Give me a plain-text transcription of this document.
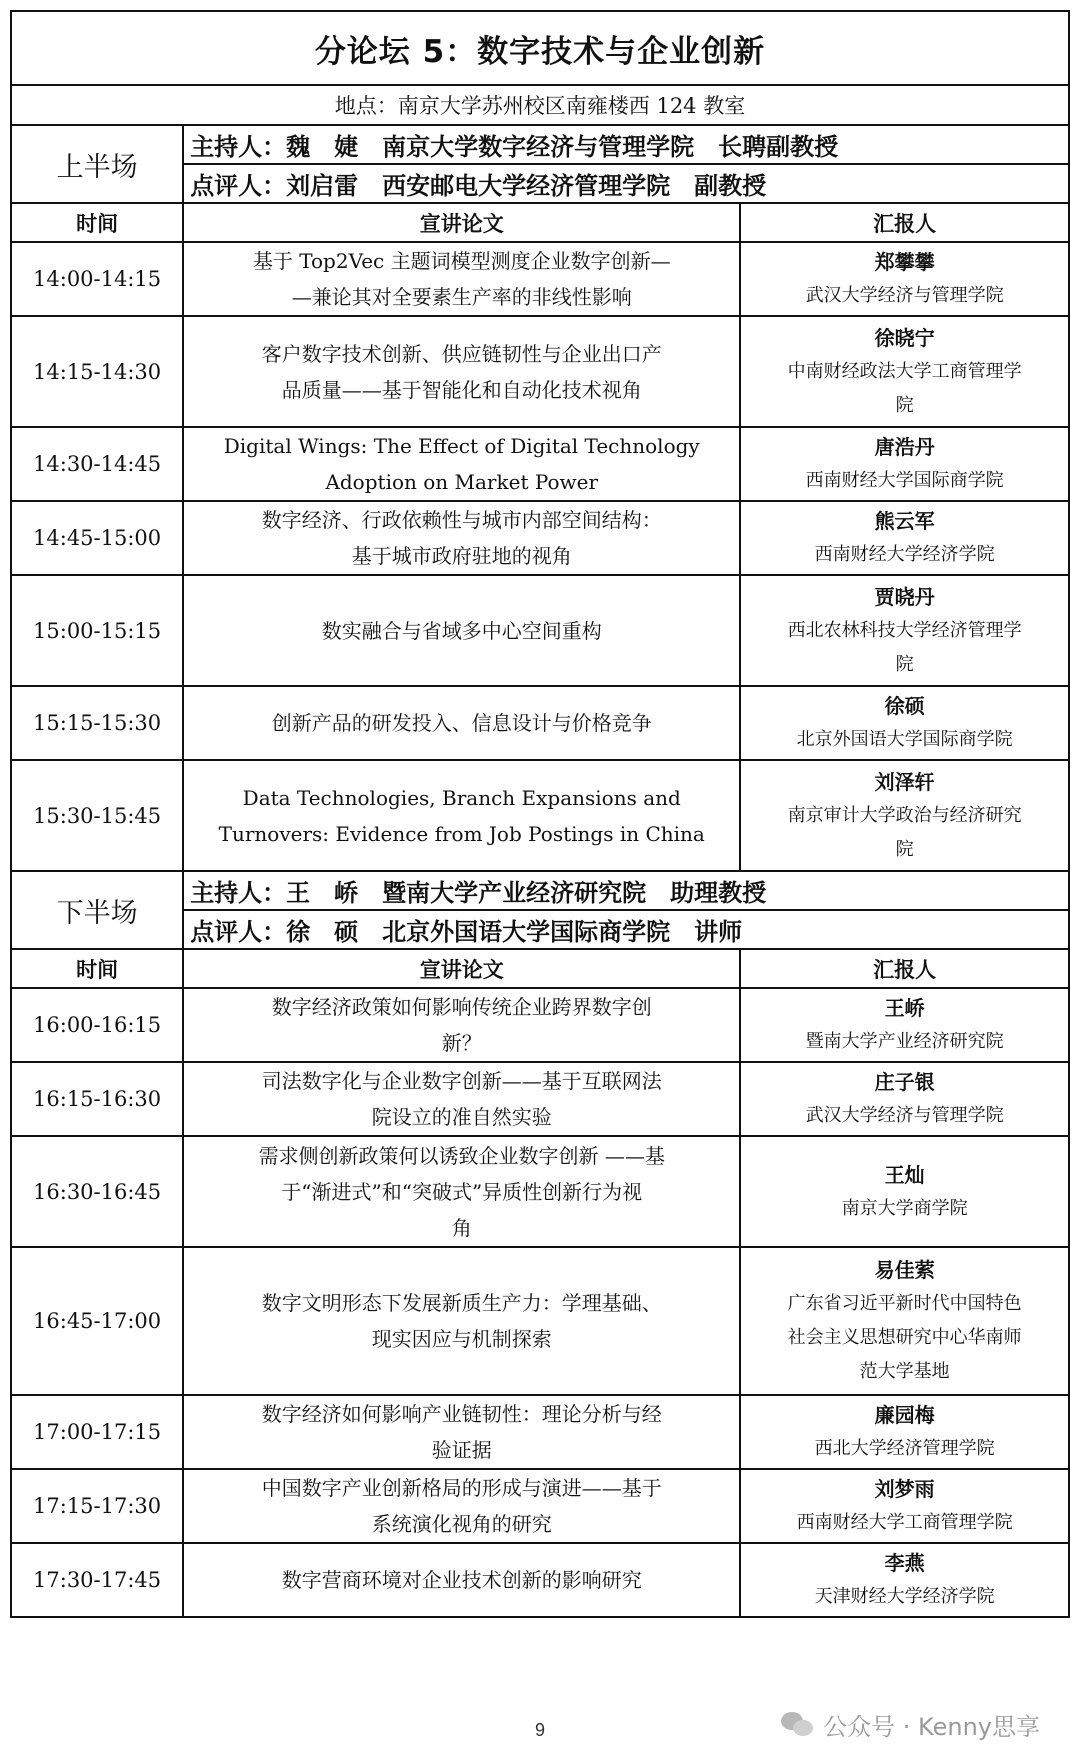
分论坛 5：数字技术与企业创新		
地点：南京大学苏州校区南雍楼西 124 教室		
上半场	主持人：魏　婕　南京大学数字经济与管理学院　长聘副教授	
	点评人：刘启雷　西安邮电大学经济管理学院　副教授	
时间	宣讲论文	汇报人
14:00-14:15	基于 Top2Vec 主题词模型测度企业数字创新—
—兼论其对全要素生产率的非线性影响	郑攀攀
武汉大学经济与管理学院

14:15-14:30	客户数字技术创新、供应链韧性与企业出口产
品质量——基于智能化和自动化技术视角	徐晓宁
中南财经政法大学工商管理学
院

14:30-14:45	Digital Wings: The Effect of Digital Technology
Adoption on Market Power	唐浩丹
西南财经大学国际商学院

14:45-15:00	数字经济、行政依赖性与城市内部空间结构：
基于城市政府驻地的视角	熊云军
西南财经大学经济学院

15:00-15:15	数实融合与省域多中心空间重构	贾晓丹
西北农林科技大学经济管理学
院

15:15-15:30	创新产品的研发投入、信息设计与价格竞争	徐硕
北京外国语大学国际商学院

15:30-15:45	Data Technologies, Branch Expansions and
Turnovers: Evidence from Job Postings in China	刘泽轩
南京审计大学政治与经济研究
院

下半场	主持人：王　峤　暨南大学产业经济研究院　助理教授	
	点评人：徐　硕　北京外国语大学国际商学院　讲师	
时间	宣讲论文	汇报人
16:00-16:15	数字经济政策如何影响传统企业跨界数字创
新？	王峤
暨南大学产业经济研究院

16:15-16:30	司法数字化与企业数字创新——基于互联网法
院设立的准自然实验	庄子银
武汉大学经济与管理学院

16:30-16:45	需求侧创新政策何以诱致企业数字创新 ——基
于“渐进式”和“突破式”异质性创新行为视
角	王灿
南京大学商学院

16:45-17:00	数字文明形态下发展新质生产力：学理基础、
现实因应与机制探索	易佳萦
广东省习近平新时代中国特色
社会主义思想研究中心华南师
范大学基地

17:00-17:15	数字经济如何影响产业链韧性：理论分析与经
验证据	廉园梅
西北大学经济管理学院

17:15-17:30	中国数字产业创新格局的形成与演进——基于
系统演化视角的研究	刘梦雨
西南财经大学工商管理学院

17:30-17:45	数字营商环境对企业技术创新的影响研究	李燕
天津财经大学经济学院
9	公众号 · Kenny思享
